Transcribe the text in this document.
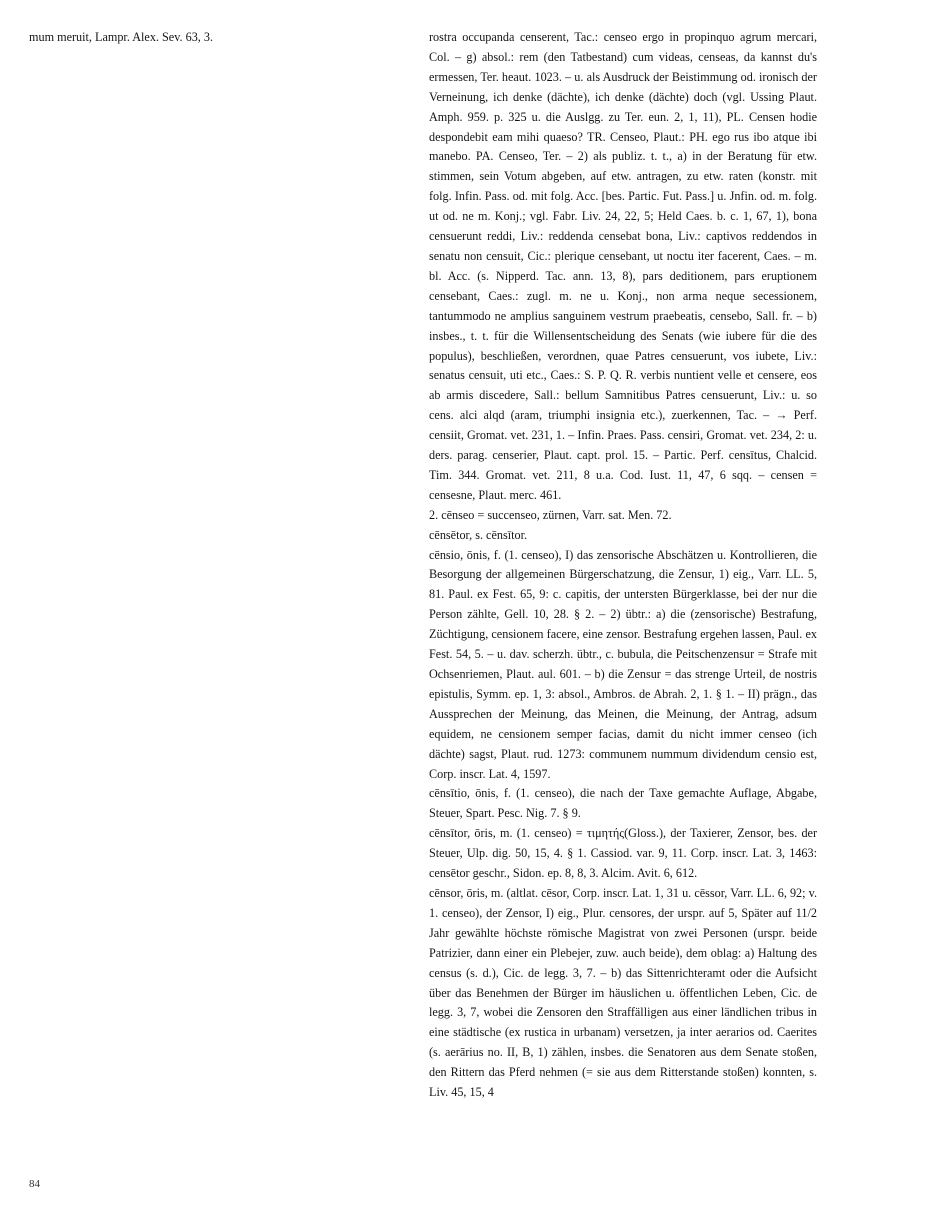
mum meruit, Lampr. Alex. Sev. 63, 3.	rostra occupanda censerent, Tac.: censeo ergo in propinquo agrum mercari, Col. – g) absol.: rem (den Tatbestand) cum videas, censeas, da kannst du's ermessen, Ter. heaut. 1023. – u. als Ausdruck der Beistimmung od. ironisch der Verneinung, ich denke (dächte), ich denke (dächte) doch (vgl. Ussing Plaut. Amph. 959. p. 325 u. die Auslgg. zu Ter. eun. 2, 1, 11), PL. Censen hodie despondebit eam mihi quaeso? TR. Censeo, Plaut.: PH. ego rus ibo atque ibi manebo. PA. Censeo, Ter. – 2) als publiz. t. t., a) in der Beratung für etw. stimmen, sein Votum abgeben, auf etw. antragen, zu etw. raten (konstr. mit folg. Infin. Pass. od. mit folg. Acc. [bes. Partic. Fut. Pass.] u. Jnfin. od. m. folg. ut od. ne m. Konj.; vgl. Fabr. Liv. 24, 22, 5; Held Caes. b. c. 1, 67, 1), bona censuerunt reddi, Liv.: reddenda censebat bona, Liv.: captivos reddendos in senatu non censuit, Cic.: plerique censebant, ut noctu iter facerent, Caes. – m. bl. Acc. (s. Nipperd. Tac. ann. 13, 8), pars deditionem, pars eruptionem censebant, Caes.: zugl. m. ne u. Konj., non arma neque secessionem, tantummodo ne amplius sanguinem vestrum praebeatis, censebo, Sall. fr. – b) insbes., t. t. für die Willensentscheidung des Senats (wie iubere für die des populus), beschließen, verordnen, quae Patres censuerunt, vos iubete, Liv.: senatus censuit, uti etc., Caes.: S. P. Q. R. verbis nuntient velle et censere, eos ab armis discedere, Sall.: bellum Samnitibus Patres censuerunt, Liv.: u. so cens. alci alqd (aram, triumphi insignia etc.), zuerkennen, Tac. – → Perf. censiit, Gromat. vet. 231, 1. – Infin. Praes. Pass. censiri, Gromat. vet. 234, 2: u. ders. parag. censerier, Plaut. capt. prol. 15. – Partic. Perf. censītus, Chalcid. Tim. 344. Gromat. vet. 211, 8 u.a. Cod. Iust. 11, 47, 6 sqq. – censen = censesne, Plaut. merc. 461.

2. cēnseo = succenseo, zürnen, Varr. sat. Men. 72.

cēnsētor, s. cēnsītor.

cēnsio, ōnis, f. (1. censeo), I) das zensorische Abschätzen u. Kontrollieren, die Besorgung der allgemeinen Bürgerschatzung, die Zensur, 1) eig., Varr. LL. 5, 81. Paul. ex Fest. 65, 9: c. capitis, der untersten Bürgerklasse, bei der nur die Person zählte, Gell. 10, 28. § 2. – 2) übtr.: a) die (zensorische) Bestrafung, Züchtigung, censionem facere, eine zensor. Bestrafung ergehen lassen, Paul. ex Fest. 54, 5. – u. dav. scherzh. übtr., c. bubula, die Peitschenzensur = Strafe mit Ochsenriemen, Plaut. aul. 601. – b) die Zensur = das strenge Urteil, de nostris epistulis, Symm. ep. 1, 3: absol., Ambros. de Abrah. 2, 1. § 1. – II) prägn., das Aussprechen der Meinung, das Meinen, die Meinung, der Antrag, adsum equidem, ne censionem semper facias, damit du nicht immer censeo (ich dächte) sagst, Plaut. rud. 1273: communem nummum dividendum censio est, Corp. inscr. Lat. 4, 1597.

cēnsītio, ōnis, f. (1. censeo), die nach der Taxe gemachte Auflage, Abgabe, Steuer, Spart. Pesc. Nig. 7. § 9.

cēnsītor, ōris, m. (1. censeo) = τιμητής(Gloss.), der Taxierer, Zensor, bes. der Steuer, Ulp. dig. 50, 15, 4. § 1. Cassiod. var. 9, 11. Corp. inscr. Lat. 3, 1463: censētor geschr., Sidon. ep. 8, 8, 3. Alcim. Avit. 6, 612.

cēnsor, ōris, m. (altlat. cēsor, Corp. inscr. Lat. 1, 31 u. cēssor, Varr. LL. 6, 92; v. 1. censeo), der Zensor, I) eig., Plur. censores, der urspr. auf 5, Später auf 11/2 Jahr gewählte höchste römische Magistrat von zwei Personen (urspr. beide Patrizier, dann einer ein Plebejer, zuw. auch beide), dem oblag: a) Haltung des census (s. d.), Cic. de legg. 3, 7. – b) das Sittenrichteramt oder die Aufsicht über das Benehmen der Bürger im häuslichen u. öffentlichen Leben, Cic. de legg. 3, 7, wobei die Zensoren den Straffälligen aus einer ländlichen tribus in eine städtische (ex rustica in urbanam) versetzen, ja inter aerarios od. Caerites (s. aerārius no. II, B, 1) zählen, insbes. die Senatoren aus dem Senate stoßen, den Rittern das Pferd nehmen (= sie aus dem Ritterstande stoßen) konnten, s. Liv. 45, 15, 4

84
